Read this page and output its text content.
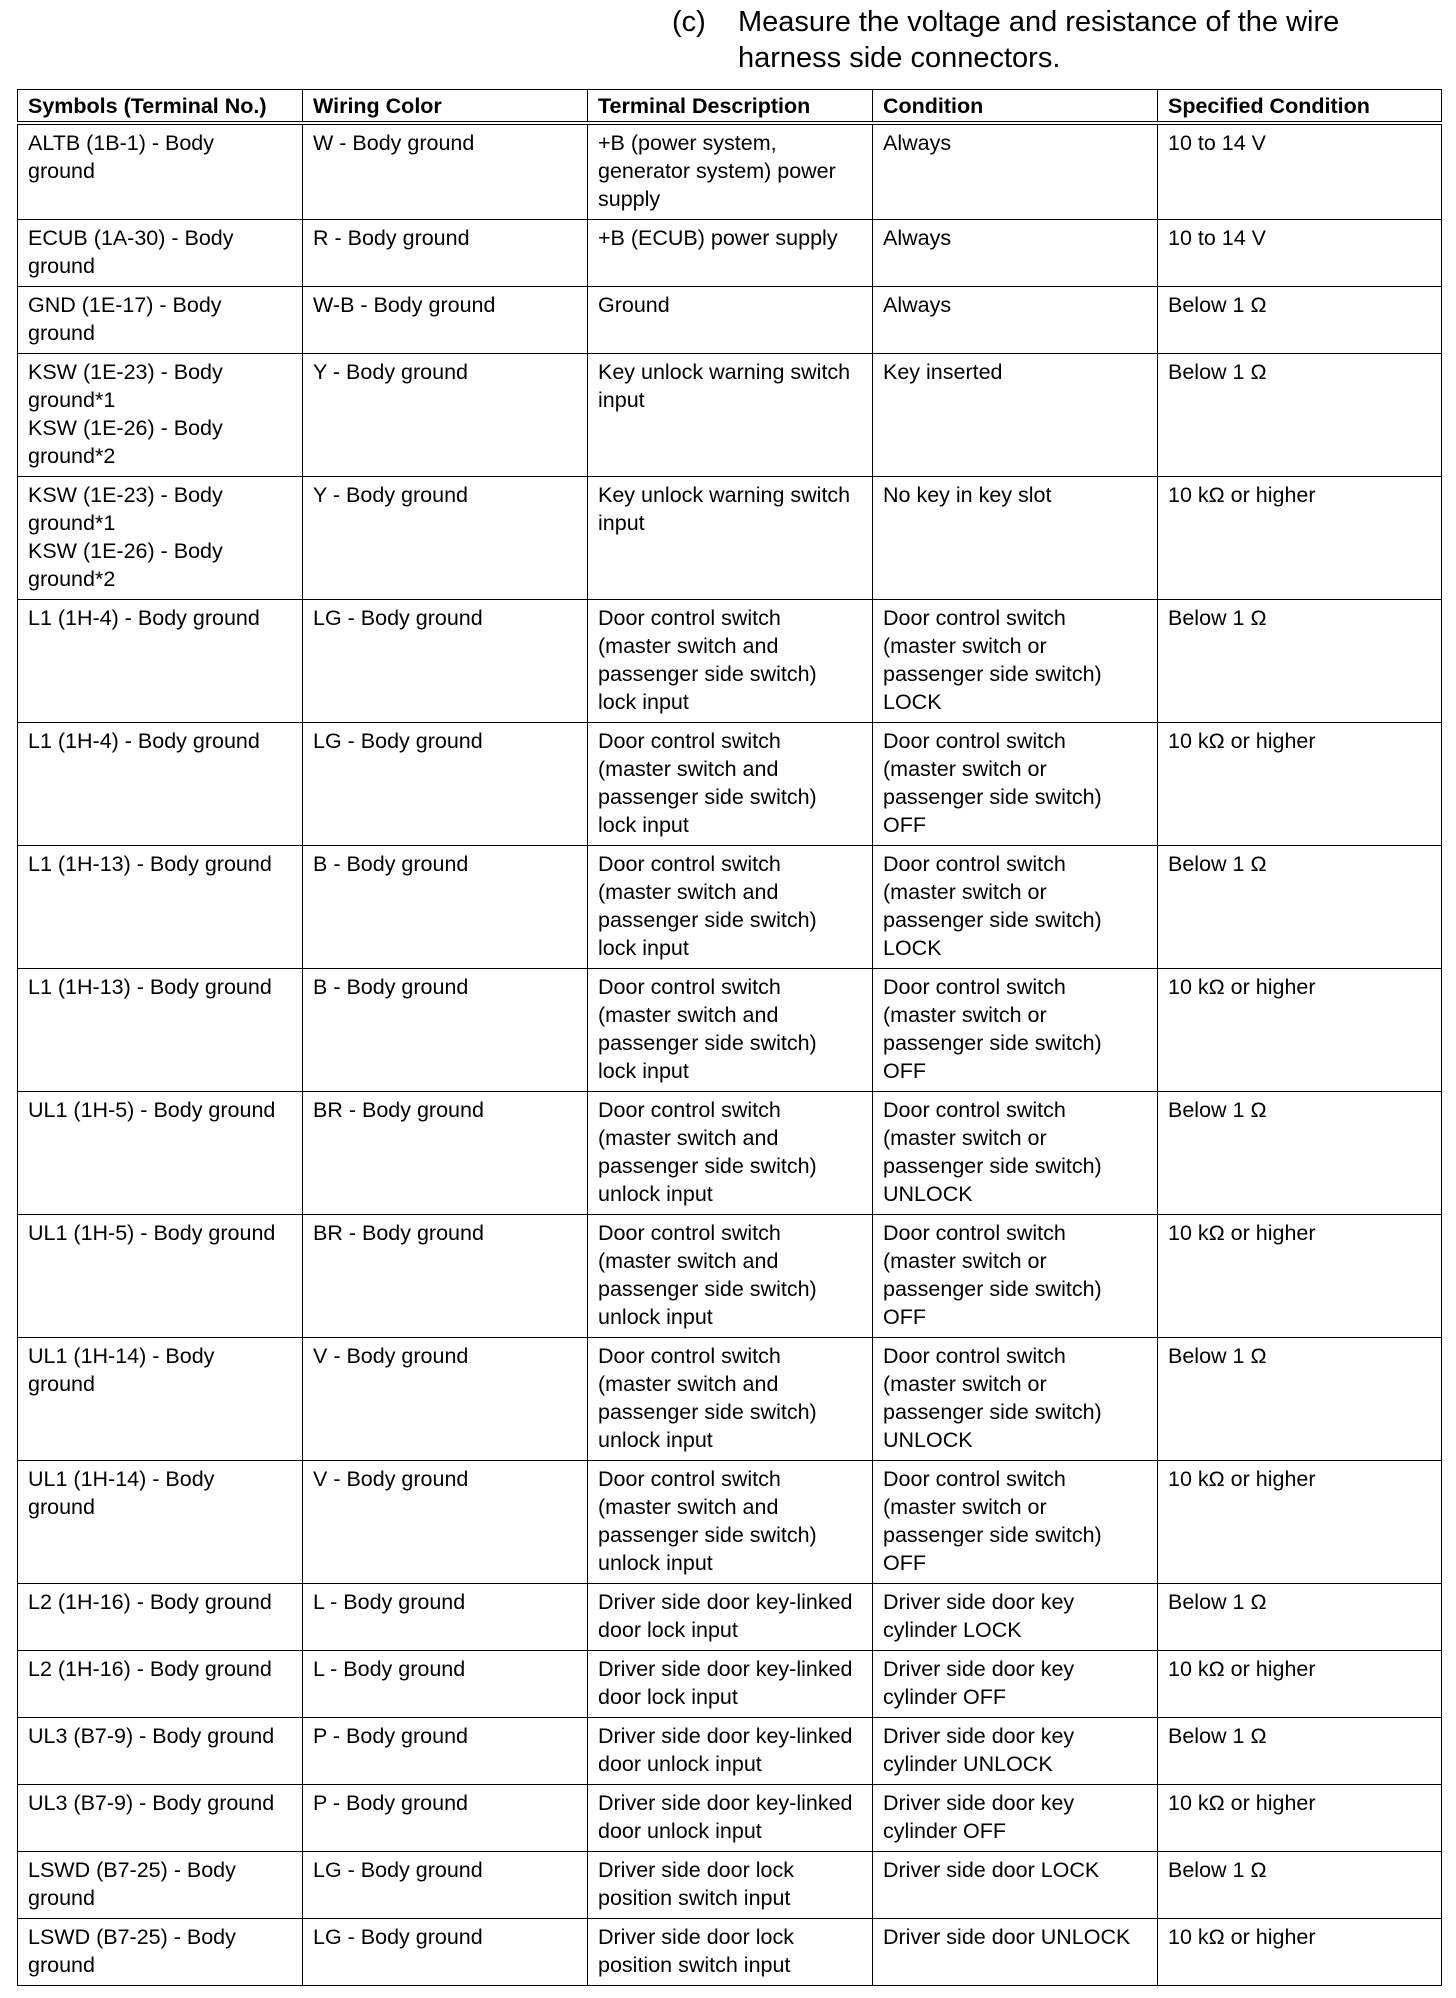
(c)	Measure the voltage and resistance of the wire harness side connectors.
Symbols (Terminal No.)	Wiring Color	Terminal Description	Condition	Specified Condition
ALTB (1B-1) - Body
ground	W - Body ground	+B (power system,
generator system) power
supply	Always	10 to 14 V
ECUB (1A-30) - Body
ground	R - Body ground	+B (ECUB) power supply	Always	10 to 14 V
GND (1E-17) - Body
ground	W-B - Body ground	Ground	Always	Below 1 Ω
KSW (1E-23) - Body
ground*1
KSW (1E-26) - Body
ground*2	Y - Body ground	Key unlock warning switch
input	Key inserted	Below 1 Ω
KSW (1E-23) - Body
ground*1
KSW (1E-26) - Body
ground*2	Y - Body ground	Key unlock warning switch
input	No key in key slot	10 kΩ or higher
L1 (1H-4) - Body ground	LG - Body ground	Door control switch
(master switch and
passenger side switch)
lock input	Door control switch
(master switch or
passenger side switch)
LOCK	Below 1 Ω
L1 (1H-4) - Body ground	LG - Body ground	Door control switch
(master switch and
passenger side switch)
lock input	Door control switch
(master switch or
passenger side switch)
OFF	10 kΩ or higher
L1 (1H-13) - Body ground	B - Body ground	Door control switch
(master switch and
passenger side switch)
lock input	Door control switch
(master switch or
passenger side switch)
LOCK	Below 1 Ω
L1 (1H-13) - Body ground	B - Body ground	Door control switch
(master switch and
passenger side switch)
lock input	Door control switch
(master switch or
passenger side switch)
OFF	10 kΩ or higher
UL1 (1H-5) - Body ground	BR - Body ground	Door control switch
(master switch and
passenger side switch)
unlock input	Door control switch
(master switch or
passenger side switch)
UNLOCK	Below 1 Ω
UL1 (1H-5) - Body ground	BR - Body ground	Door control switch
(master switch and
passenger side switch)
unlock input	Door control switch
(master switch or
passenger side switch)
OFF	10 kΩ or higher
UL1 (1H-14) - Body
ground	V - Body ground	Door control switch
(master switch and
passenger side switch)
unlock input	Door control switch
(master switch or
passenger side switch)
UNLOCK	Below 1 Ω
UL1 (1H-14) - Body
ground	V - Body ground	Door control switch
(master switch and
passenger side switch)
unlock input	Door control switch
(master switch or
passenger side switch)
OFF	10 kΩ or higher
L2 (1H-16) - Body ground	L - Body ground	Driver side door key-linked
door lock input	Driver side door key
cylinder LOCK	Below 1 Ω
L2 (1H-16) - Body ground	L - Body ground	Driver side door key-linked
door lock input	Driver side door key
cylinder OFF	10 kΩ or higher
UL3 (B7-9) - Body ground	P - Body ground	Driver side door key-linked
door unlock input	Driver side door key
cylinder UNLOCK	Below 1 Ω
UL3 (B7-9) - Body ground	P - Body ground	Driver side door key-linked
door unlock input	Driver side door key
cylinder OFF	10 kΩ or higher
LSWD (B7-25) - Body
ground	LG - Body ground	Driver side door lock
position switch input	Driver side door LOCK	Below 1 Ω
LSWD (B7-25) - Body
ground	LG - Body ground	Driver side door lock
position switch input	Driver side door UNLOCK	10 kΩ or higher
